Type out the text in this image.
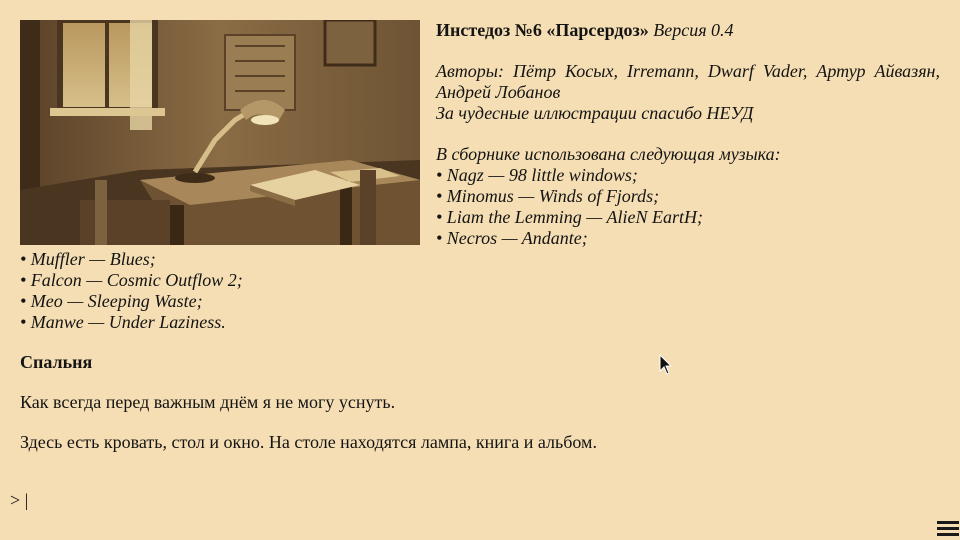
Инстедоз №6 «Парсердоз» Версия 0.4

Авторы: Пётр Косых, Irremann, Dwarf Vader, Артур Айвазян, Андрей Лобанов

За чудесные иллюстрации спасибо НЕУД

В сборнике использована следующая музыка:

• Nagz — 98 little windows;

• Minomus — Winds of Fjords;

• Liam the Lemming — AlieN EartH;

• Necros — Andante;

• Muffler — Blues;

• Falcon — Cosmic Outflow 2;

• Meo — Sleeping Waste;

• Manwe — Under Laziness.

Спальня

Как всегда перед важным днём я не могу уснуть.

Здесь есть кровать, стол и окно. На столе находятся лампа, книга и альбом.

> |
